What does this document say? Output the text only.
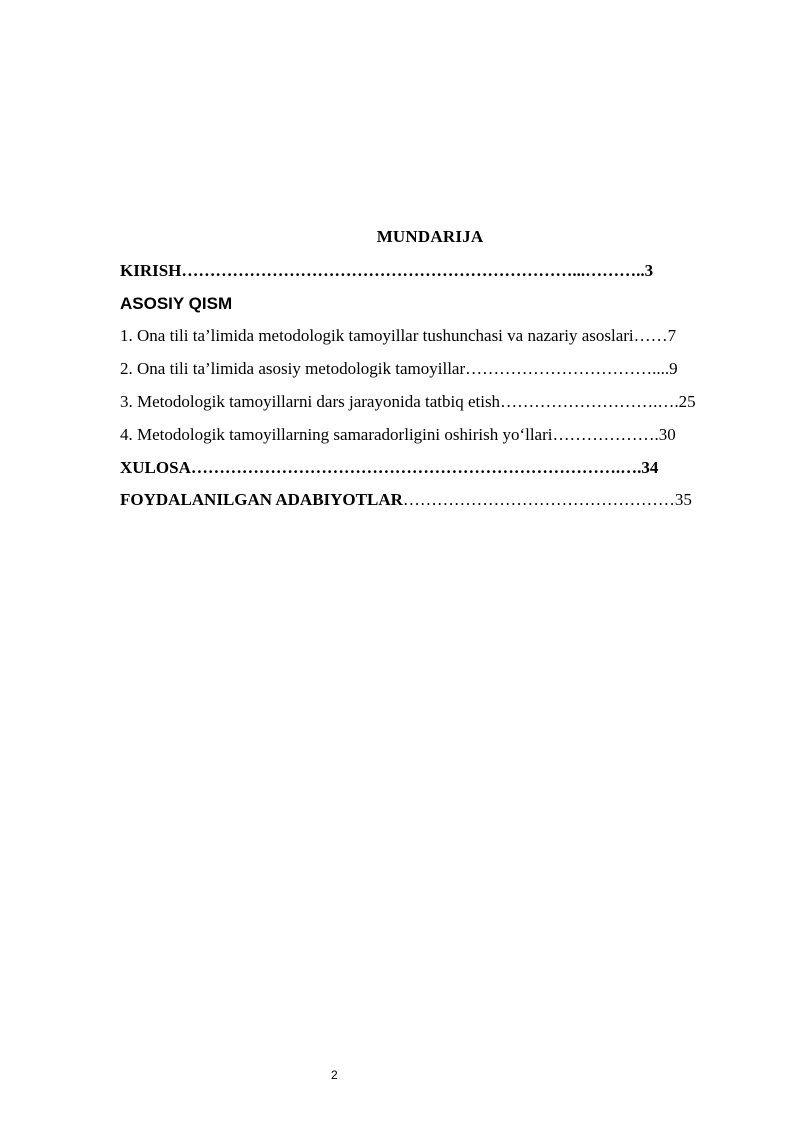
MUNDARIJA
KIRISH……………………………………………………………...………..3
ASOSIY QISM
1. Ona tili ta’limida metodologik tamoyillar tushunchasi va nazariy asoslari……7
2. Ona tili ta’limida asosiy metodologik tamoyillar……………………………....9
3. Metodologik tamoyillarni dars jarayonida tatbiq etish……………………….….25
4. Metodologik tamoyillarning samaradorligini oshirish yo‘llari……………….30
XULOSA………………………………………………………………….….34
FOYDALANILGAN ADABIYOTLAR…………………………………………35
2
